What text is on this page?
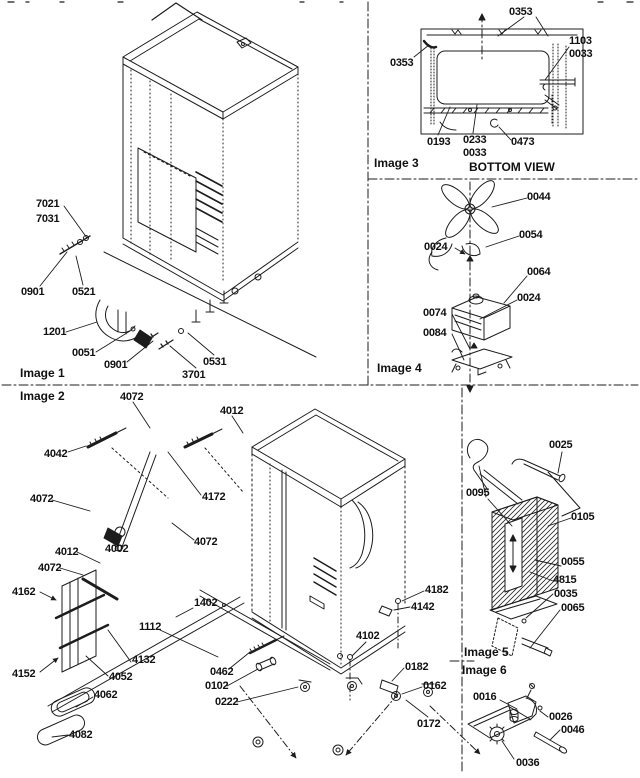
Image 1
7021
7031
0901	0521
1201
0051
0901
3701
0531
Image 2	4072
4012
4042
4072	4172
4002
4072
4012
4072
4162
1402
1112
4132
4152	4052
4062
4082
0462
0102
0222
4182
4142
4102
0182
0162
0172
Image 3	BOTTOM VIEW
0353
0353
1103
0033
0193 0233
0033
0473
Image 4
0044
0054
0024
0064
0024
0074
0084
Image 5
0025
0095
0105
0055
4815
0035
0065
Image 6
0016
0026
0046
0036
